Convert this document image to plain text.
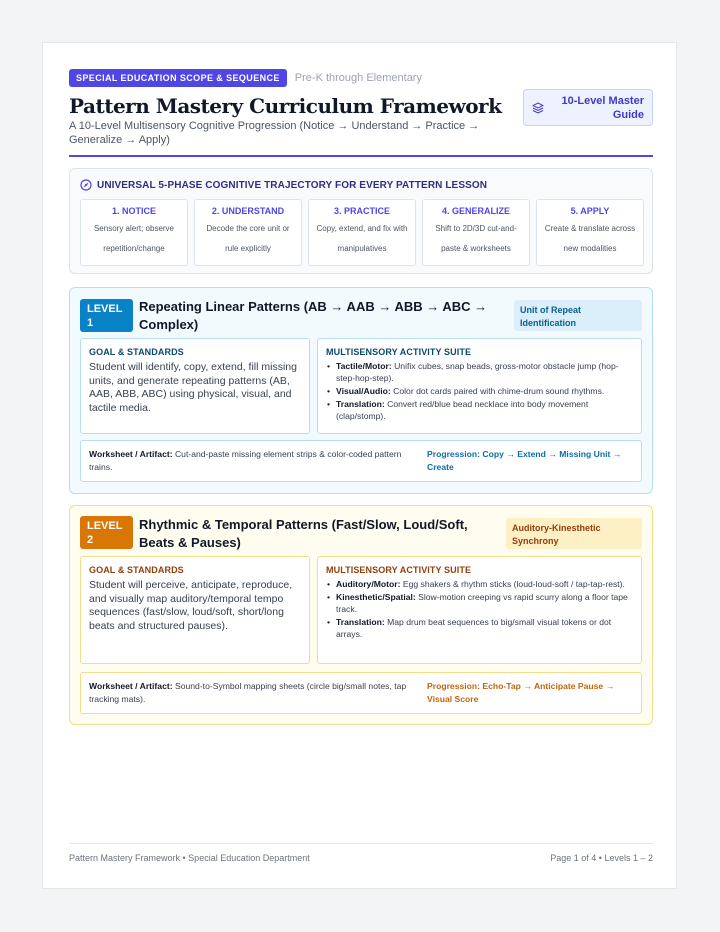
SPECIAL EDUCATION SCOPE & SEQUENCE	Pre-K through Elementary
Pattern Mastery Curriculum Framework
A 10-Level Multisensory Cognitive Progression (Notice → Understand → Practice → Generalize → Apply)
10-Level Master Guide
UNIVERSAL 5-PHASE COGNITIVE TRAJECTORY FOR EVERY PATTERN LESSON
1. NOTICE
Sensory alert; observe repetition/change
2. UNDERSTAND
Decode the core unit or rule explicitly
3. PRACTICE
Copy, extend, and fix with manipulatives
4. GENERALIZE
Shift to 2D/3D cut-and-paste & worksheets
5. APPLY
Create & translate across new modalities
LEVEL 1
Repeating Linear Patterns (AB → AAB → ABB → ABC → Complex)
Unit of Repeat Identification
GOAL & STANDARDS
Student will identify, copy, extend, fill missing units, and generate repeating patterns (AB, AAB, ABB, ABC) using physical, visual, and tactile media.
MULTISENSORY ACTIVITY SUITE
• Tactile/Motor: Unifix cubes, snap beads, gross-motor obstacle jump (hop-step-hop-step).
• Visual/Audio: Color dot cards paired with chime-drum sound rhythms.
• Translation: Convert red/blue bead necklace into body movement (clap/stomp).
Worksheet / Artifact: Cut-and-paste missing element strips & color-coded pattern trains.
Progression: Copy → Extend → Missing Unit → Create
LEVEL 2
Rhythmic & Temporal Patterns (Fast/Slow, Loud/Soft, Beats & Pauses)
Auditory-Kinesthetic Synchrony
GOAL & STANDARDS
Student will perceive, anticipate, reproduce, and visually map auditory/temporal tempo sequences (fast/slow, loud/soft, short/long beats and structured pauses).
MULTISENSORY ACTIVITY SUITE
• Auditory/Motor: Egg shakers & rhythm sticks (loud-loud-soft / tap-tap-rest).
• Kinesthetic/Spatial: Slow-motion creeping vs rapid scurry along a floor tape track.
• Translation: Map drum beat sequences to big/small visual tokens or dot arrays.
Worksheet / Artifact: Sound-to-Symbol mapping sheets (circle big/small notes, tap tracking mats).
Progression: Echo-Tap → Anticipate Pause → Visual Score
Pattern Mastery Framework • Special Education Department	Page 1 of 4 • Levels 1 – 2
